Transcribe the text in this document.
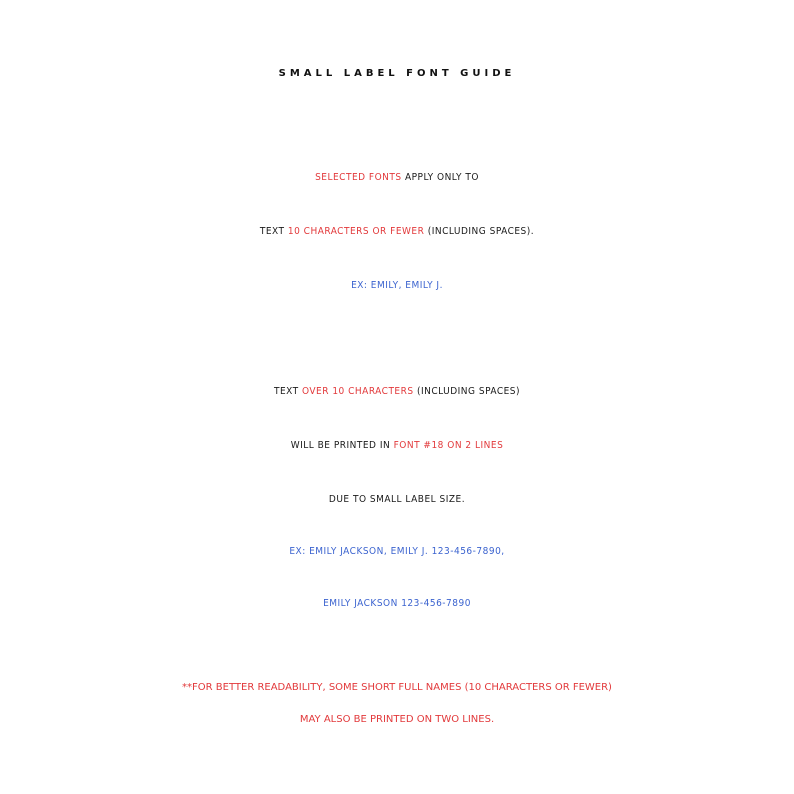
SMALL LABEL FONT GUIDE
SELECTED FONTS APPLY ONLY TO
TEXT 10 CHARACTERS OR FEWER (INCLUDING SPACES).
EX: EMILY, EMILY J.
TEXT OVER 10 CHARACTERS (INCLUDING SPACES)
WILL BE PRINTED IN FONT #18 ON 2 LINES
DUE TO SMALL LABEL SIZE.
EX: EMILY JACKSON, EMILY J. 123-456-7890,
EMILY JACKSON 123-456-7890
**FOR BETTER READABILITY, SOME SHORT FULL NAMES (10 CHARACTERS OR FEWER)
MAY ALSO BE PRINTED ON TWO LINES.
